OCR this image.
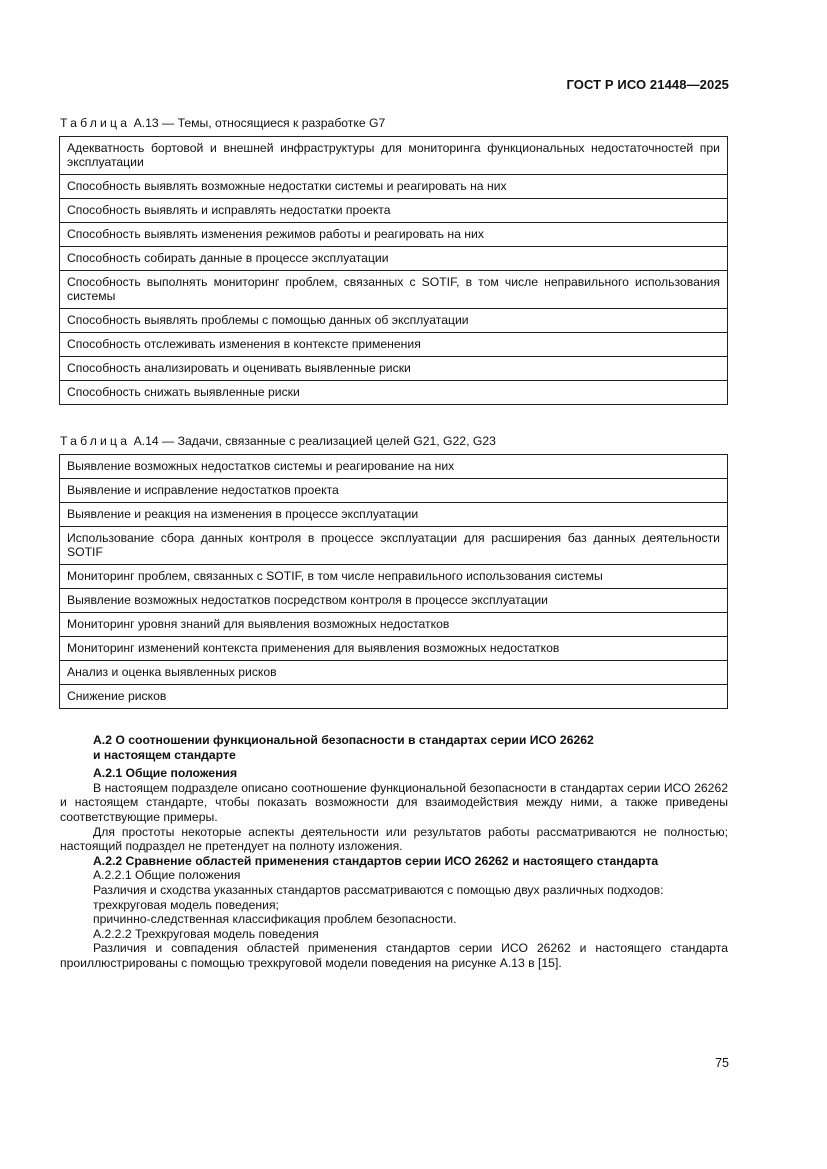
ГОСТ Р ИСО 21448—2025
Таблица А.13 — Темы, относящиеся к разработке G7
Адекватность бортовой и внешней инфраструктуры для мониторинга функциональных недостаточностей при эксплуатации
Способность выявлять возможные недостатки системы и реагировать на них
Способность выявлять и исправлять недостатки проекта
Способность выявлять изменения режимов работы и реагировать на них
Способность собирать данные в процессе эксплуатации
Способность выполнять мониторинг проблем, связанных с SOTIF, в том числе неправильного использования системы
Способность выявлять проблемы с помощью данных об эксплуатации
Способность отслеживать изменения в контексте применения
Способность анализировать и оценивать выявленные риски
Способность снижать выявленные риски
Таблица А.14 — Задачи, связанные с реализацией целей G21, G22, G23
Выявление возможных недостатков системы и реагирование на них
Выявление и исправление недостатков проекта
Выявление и реакция на изменения в процессе эксплуатации
Использование сбора данных контроля в процессе эксплуатации для расширения баз данных деятельности SOTIF
Мониторинг проблем, связанных с SOTIF, в том числе неправильного использования системы
Выявление возможных недостатков посредством контроля в процессе эксплуатации
Мониторинг уровня знаний для выявления возможных недостатков
Мониторинг изменений контекста применения для выявления возможных недостатков
Анализ и оценка выявленных рисков
Снижение рисков

А.2 О соотношении функциональной безопасности в стандартах серии ИСО 26262
и настоящем стандарте

А.2.1 Общие положения

В настоящем подразделе описано соотношение функциональной безопасности в стандартах серии ИСО 26262 и настоящем стандарте, чтобы показать возможности для взаимодействия между ними, а также приведены соответствующие примеры.

Для простоты некоторые аспекты деятельности или результатов работы рассматриваются не полностью; настоящий подраздел не претендует на полноту изложения.

А.2.2 Сравнение областей применения стандартов серии ИСО 26262 и настоящего стандарта

А.2.2.1 Общие положения

Различия и сходства указанных стандартов рассматриваются с помощью двух различных подходов:

трехкруговая модель поведения;

причинно-следственная классификация проблем безопасности.

А.2.2.2 Трехкруговая модель поведения

Различия и совпадения областей применения стандартов серии ИСО 26262 и настоящего стандарта проиллюстрированы с помощью трехкруговой модели поведения на рисунке А.13 в [15].

75
